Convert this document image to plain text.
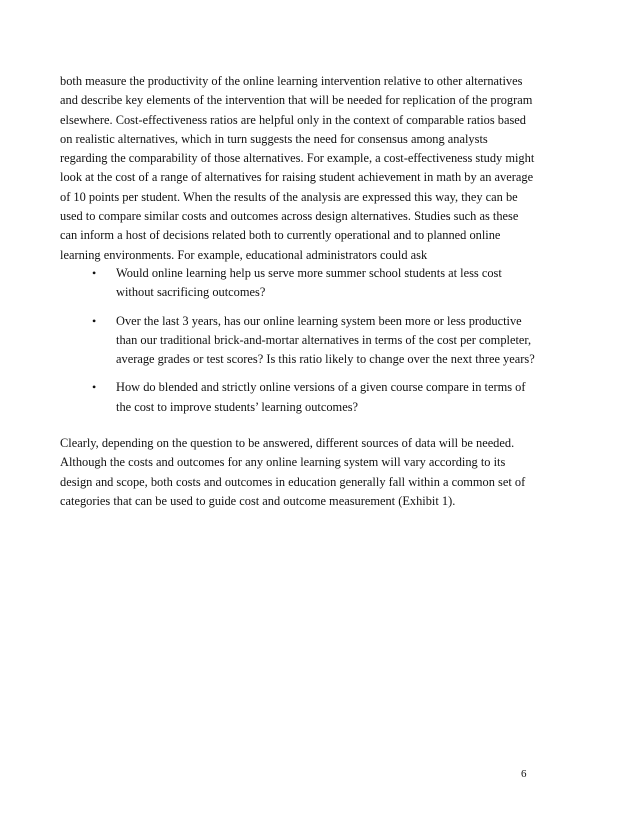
both measure the productivity of the online learning intervention relative to other alternatives and describe key elements of the intervention that will be needed for replication of the program elsewhere. Cost-effectiveness ratios are helpful only in the context of comparable ratios based on realistic alternatives, which in turn suggests the need for consensus among analysts regarding the comparability of those alternatives. For example, a cost-effectiveness study might look at the cost of a range of alternatives for raising student achievement in math by an average of 10 points per student. When the results of the analysis are expressed this way, they can be used to compare similar costs and outcomes across design alternatives. Studies such as these can inform a host of decisions related both to currently operational and to planned online learning environments. For example, educational administrators could ask

• Would online learning help us serve more summer school students at less cost without sacrificing outcomes?
• Over the last 3 years, has our online learning system been more or less productive than our traditional brick-and-mortar alternatives in terms of the cost per completer, average grades or test scores? Is this ratio likely to change over the next three years?
• How do blended and strictly online versions of a given course compare in terms of the cost to improve students’ learning outcomes?

Clearly, depending on the question to be answered, different sources of data will be needed. Although the costs and outcomes for any online learning system will vary according to its design and scope, both costs and outcomes in education generally fall within a common set of categories that can be used to guide cost and outcome measurement (Exhibit 1).

6
